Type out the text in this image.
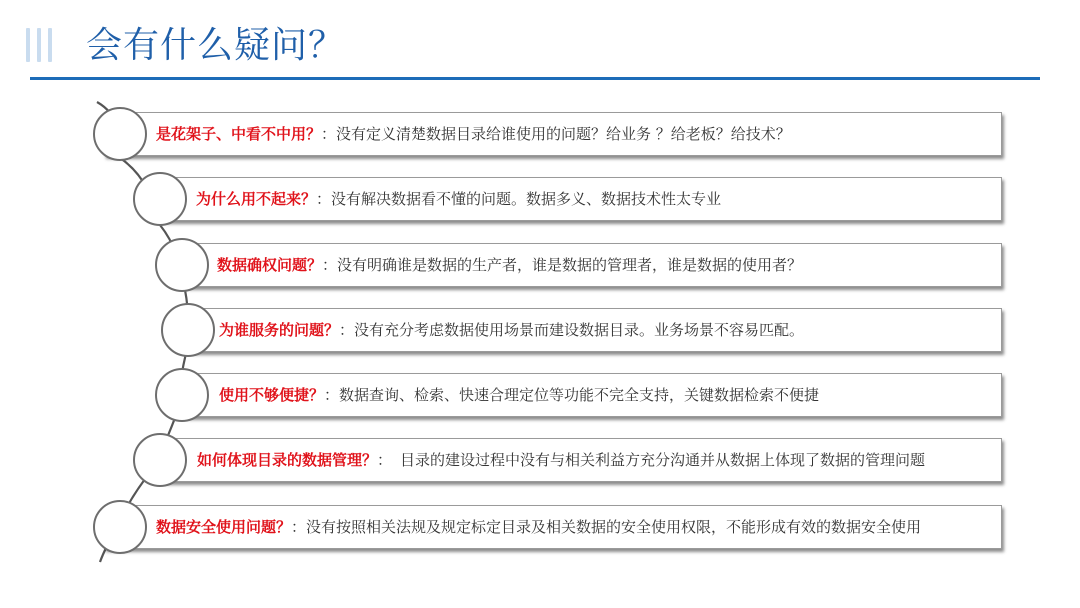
会有什么疑问？
是花架子、中看不中用？：没有定义清楚数据目录给谁使用的问题？给业务 ？给老板？给技术？
为什么用不起来？：没有解决数据看不懂的问题。数据多义、数据技术性太专业
数据确权问题？：没有明确谁是数据的生产者，谁是数据的管理者，谁是数据的使用者？
为谁服务的问题？：没有充分考虑数据使用场景而建设数据目录。业务场景不容易匹配。
使用不够便捷？：数据查询、检索、快速合理定位等功能不完全支持，关键数据检索不便捷
如何体现目录的数据管理？： 目录的建设过程中没有与相关利益方充分沟通并从数据上体现了数据的管理问题
数据安全使用问题？：没有按照相关法规及规定标定目录及相关数据的安全使用权限，不能形成有效的数据安全使用
